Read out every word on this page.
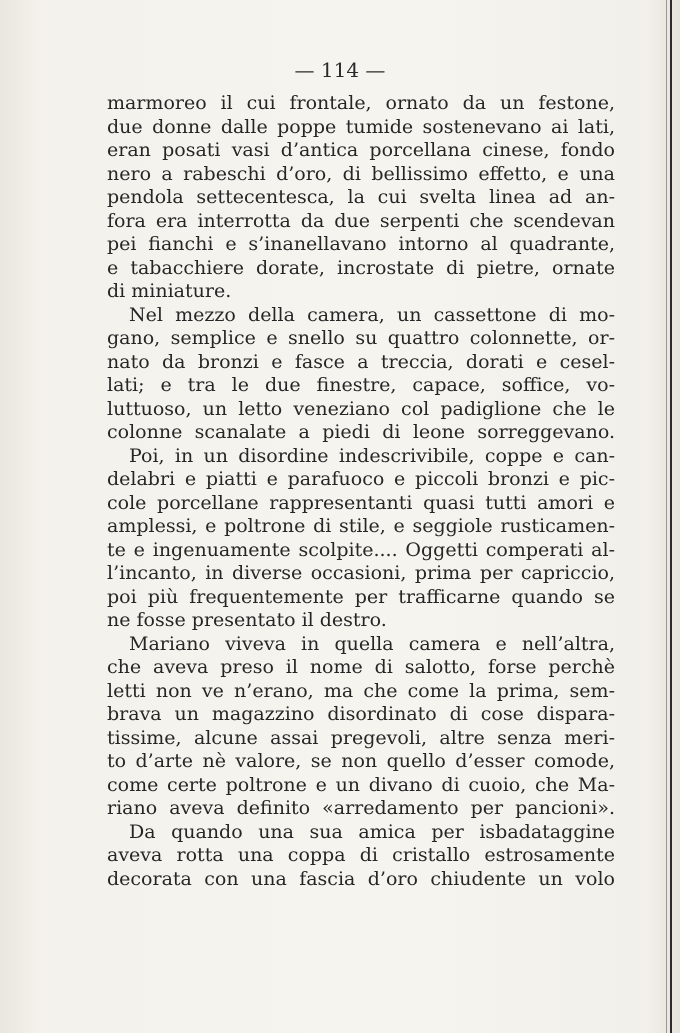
— 114 —
marmoreo il cui frontale, ornato da un festone,
due donne dalle poppe tumide sostenevano ai lati,
eran posati vasi d’antica porcellana cinese, fondo
nero a rabeschi d’oro, di bellissimo effetto, e una
pendola settecentesca, la cui svelta linea ad an-
fora era interrotta da due serpenti che scendevan
pei fianchi e s’inanellavano intorno al quadrante,
e tabacchiere dorate, incrostate di pietre, ornate
di miniature.
Nel mezzo della camera, un cassettone di mo-
gano, semplice e snello su quattro colonnette, or-
nato da bronzi e fasce a treccia, dorati e cesel-
lati; e tra le due finestre, capace, soffice, vo-
luttuoso, un letto veneziano col padiglione che le
colonne scanalate a piedi di leone sorreggevano.
Poi, in un disordine indescrivibile, coppe e can-
delabri e piatti e parafuoco e piccoli bronzi e pic-
cole porcellane rappresentanti quasi tutti amori e
amplessi, e poltrone di stile, e seggiole rusticamen-
te e ingenuamente scolpite.... Oggetti comperati al-
l’incanto, in diverse occasioni, prima per capriccio,
poi più frequentemente per trafficarne quando se
ne fosse presentato il destro.
Mariano viveva in quella camera e nell’altra,
che aveva preso il nome di salotto, forse perchè
letti non ve n’erano, ma che come la prima, sem-
brava un magazzino disordinato di cose dispara-
tissime, alcune assai pregevoli, altre senza meri-
to d’arte nè valore, se non quello d’esser comode,
come certe poltrone e un divano di cuoio, che Ma-
riano aveva definito «arredamento per pancioni».
Da quando una sua amica per isbadataggine
aveva rotta una coppa di cristallo estrosamente
decorata con una fascia d’oro chiudente un volo
